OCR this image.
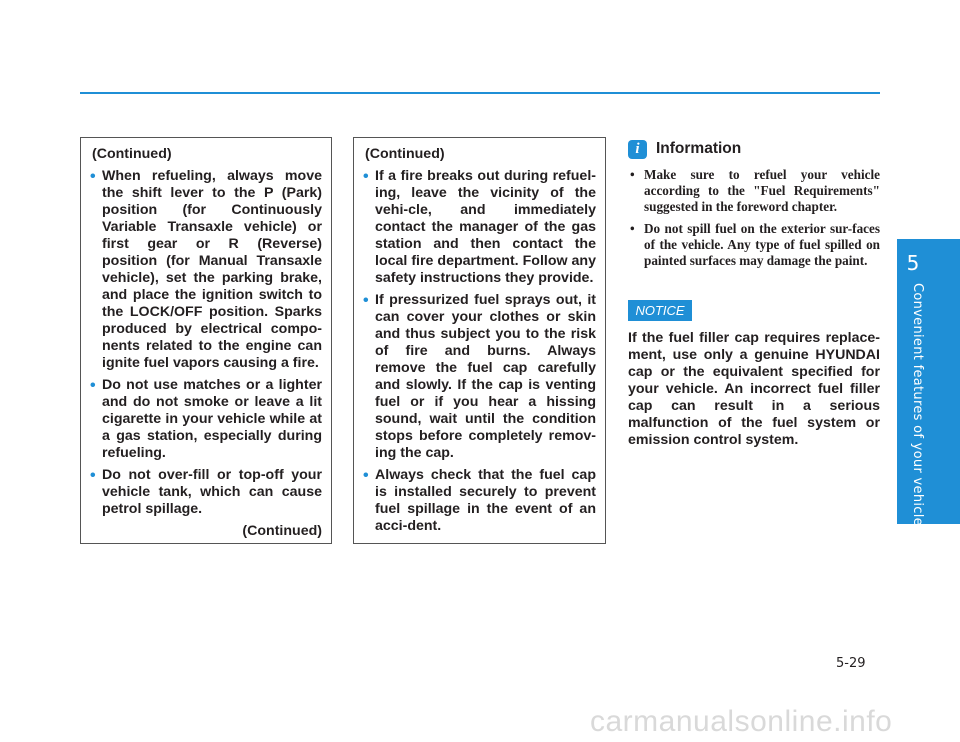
(Continued)
• When refueling, always move the shift lever to the P (Park) position (for Continuously Variable Transaxle vehicle) or first gear or R (Reverse) position (for Manual Transaxle vehicle), set the parking brake, and place the ignition switch to the LOCK/OFF position. Sparks produced by electrical compo-nents related to the engine can ignite fuel vapors causing a fire.
• Do not use matches or a lighter and do not smoke or leave a lit cigarette in your vehicle while at a gas station, especially during refueling.
• Do not over-fill or top-off your vehicle tank, which can cause petrol spillage.
(Continued)
(Continued)
• If a fire breaks out during refuel-ing, leave the vicinity of the vehi-cle, and immediately contact the manager of the gas station and then contact the local fire department. Follow any safety instructions they provide.
• If pressurized fuel sprays out, it can cover your clothes or skin and thus subject you to the risk of fire and burns. Always remove the fuel cap carefully and slowly. If the cap is venting fuel or if you hear a hissing sound, wait until the condition stops before completely remov-ing the cap.
• Always check that the fuel cap is installed securely to prevent fuel spillage in the event of an acci-dent.
i	Information
• Make sure to refuel your vehicle according to the "Fuel Requirements" suggested in the foreword chapter.
• Do not spill fuel on the exterior sur-faces of the vehicle. Any type of fuel spilled on painted surfaces may damage the paint.
NOTICE
If the fuel filler cap requires replace-ment, use only a genuine HYUNDAI cap or the equivalent specified for your vehicle. An incorrect fuel filler cap can result in a serious malfunction of the fuel system or emission control system.
5
Convenient features of your vehicle
5-29
carmanualsonline.info
